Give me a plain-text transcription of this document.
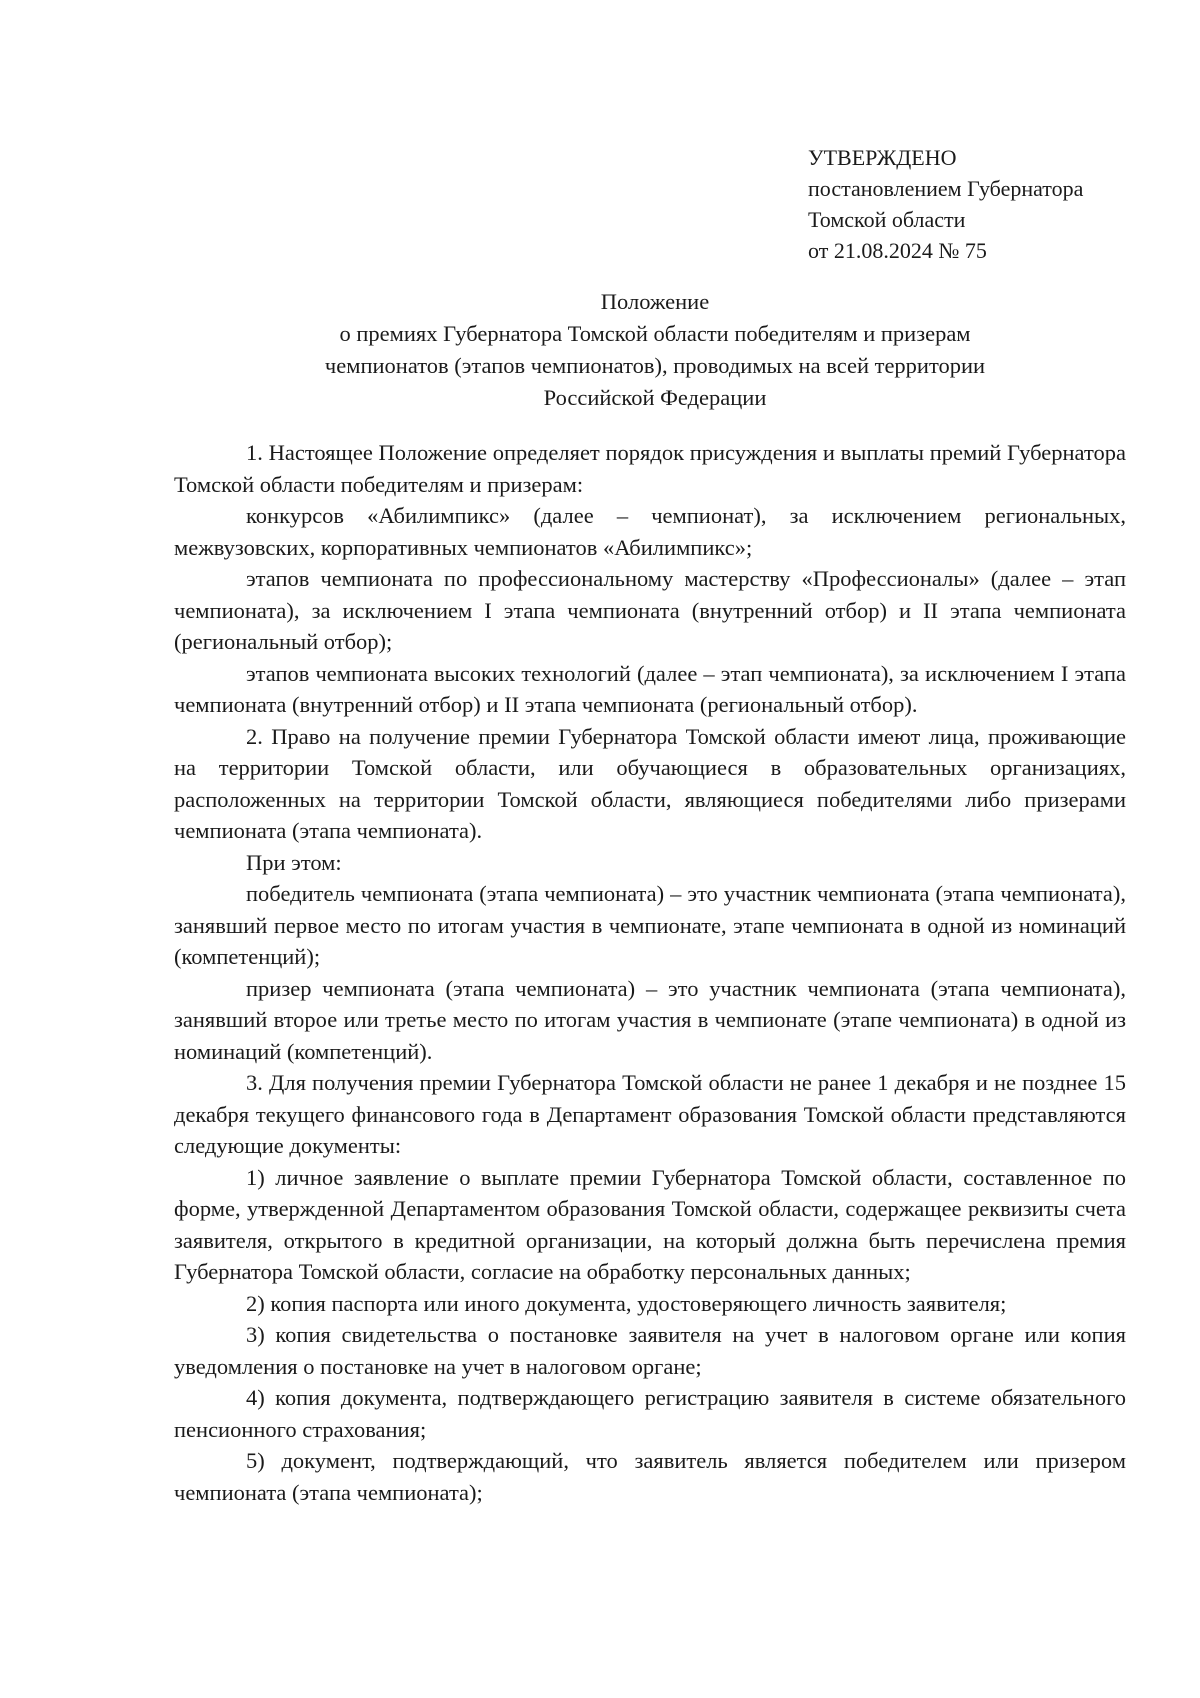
УТВЕРЖДЕНО
постановлением Губернатора
Томской области
от 21.08.2024 № 75
Положение
о премиях Губернатора Томской области победителям и призерам
чемпионатов (этапов чемпионатов), проводимых на всей территории
Российской Федерации

1. Настоящее Положение определяет порядок присуждения и выплаты премий Губернатора Томской области победителям и призерам:

конкурсов «Абилимпикс» (далее – чемпионат), за исключением региональных, межвузовских, корпоративных чемпионатов «Абилимпикс»;

этапов чемпионата по профессиональному мастерству «Профессионалы» (далее – этап чемпионата), за исключением I этапа чемпионата (внутренний отбор) и II этапа чемпионата (региональный отбор);

этапов чемпионата высоких технологий (далее – этап чемпионата), за исключением I этапа чемпионата (внутренний отбор) и II этапа чемпионата (региональный отбор).

2. Право на получение премии Губернатора Томской области имеют лица, проживающие на территории Томской области, или обучающиеся в образовательных организациях, расположенных на территории Томской области, являющиеся победителями либо призерами чемпионата (этапа чемпионата).

При этом:

победитель чемпионата (этапа чемпионата) – это участник чемпионата (этапа чемпионата), занявший первое место по итогам участия в чемпионате, этапе чемпионата в одной из номинаций (компетенций);

призер чемпионата (этапа чемпионата) – это участник чемпионата (этапа чемпионата), занявший второе или третье место по итогам участия в чемпионате (этапе чемпионата) в одной из номинаций (компетенций).

3. Для получения премии Губернатора Томской области не ранее 1 декабря и не позднее 15 декабря текущего финансового года в Департамент образования Томской области представляются следующие документы:

1) личное заявление о выплате премии Губернатора Томской области, составленное по форме, утвержденной Департаментом образования Томской области, содержащее реквизиты счета заявителя, открытого в кредитной организации, на который должна быть перечислена премия Губернатора Томской области, согласие на обработку персональных данных;

2) копия паспорта или иного документа, удостоверяющего личность заявителя;

3) копия свидетельства о постановке заявителя на учет в налоговом органе или копия уведомления о постановке на учет в налоговом органе;

4) копия документа, подтверждающего регистрацию заявителя в системе обязательного пенсионного страхования;

5) документ, подтверждающий, что заявитель является победителем или призером чемпионата (этапа чемпионата);
